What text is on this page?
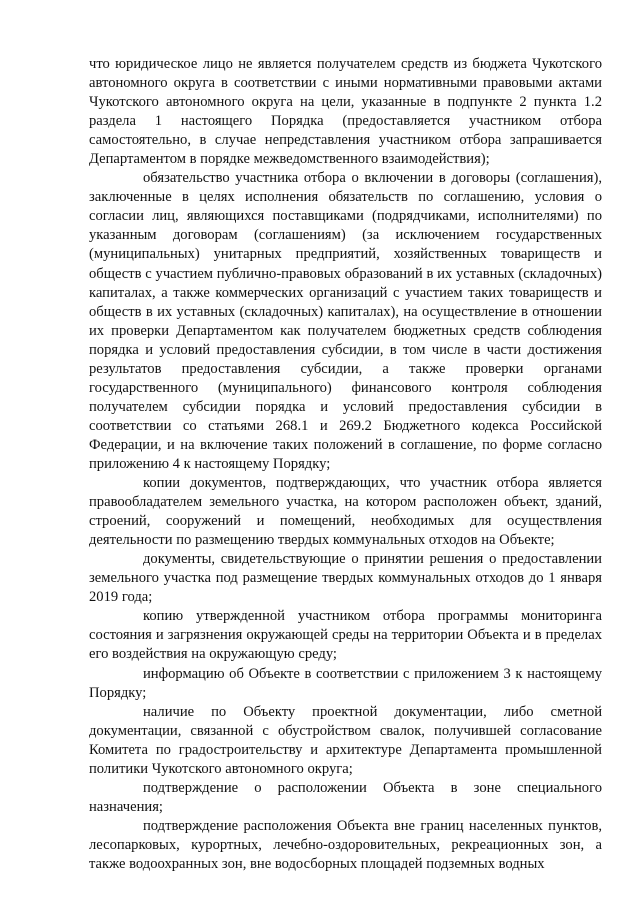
что юридическое лицо не является получателем средств из бюджета Чукотского автономного округа в соответствии с иными нормативными правовыми актами Чукотского автономного округа на цели, указанные в подпункте 2 пункта 1.2 раздела 1 настоящего Порядка (предоставляется участником отбора самостоятельно, в случае непредставления участником отбора запрашивается Департаментом в порядке межведомственного взаимодействия);

обязательство участника отбора о включении в договоры (соглашения), заключенные в целях исполнения обязательств по соглашению, условия о согласии лиц, являющихся поставщиками (подрядчиками, исполнителями) по указанным договорам (соглашениям) (за исключением государственных (муниципальных) унитарных предприятий, хозяйственных товариществ и обществ с участием публично-правовых образований в их уставных (складочных) капиталах, а также коммерческих организаций с участием таких товариществ и обществ в их уставных (складочных) капиталах), на осуществление в отношении их проверки Департаментом как получателем бюджетных средств соблюдения порядка и условий предоставления субсидии, в том числе в части достижения результатов предоставления субсидии, а также проверки органами государственного (муниципального) финансового контроля соблюдения получателем субсидии порядка и условий предоставления субсидии в соответствии со статьями 268.1 и 269.2 Бюджетного кодекса Российской Федерации, и на включение таких положений в соглашение, по форме согласно приложению 4 к настоящему Порядку;

копии документов, подтверждающих, что участник отбора является правообладателем земельного участка, на котором расположен объект, зданий, строений, сооружений и помещений, необходимых для осуществления деятельности по размещению твердых коммунальных отходов на Объекте;

документы, свидетельствующие о принятии решения о предоставлении земельного участка под размещение твердых коммунальных отходов до 1 января 2019 года;

копию утвержденной участником отбора программы мониторинга состояния и загрязнения окружающей среды на территории Объекта и в пределах его воздействия на окружающую среду;

информацию об Объекте в соответствии с приложением 3 к настоящему Порядку;

наличие по Объекту проектной документации, либо сметной документации, связанной с обустройством свалок, получившей согласование Комитета по градостроительству и архитектуре Департамента промышленной политики Чукотского автономного округа;

подтверждение о расположении Объекта в зоне специального назначения;

подтверждение расположения Объекта вне границ населенных пунктов, лесопарковых, курортных, лечебно-оздоровительных, рекреационных зон, а также водоохранных зон, вне водосборных площадей подземных водных
